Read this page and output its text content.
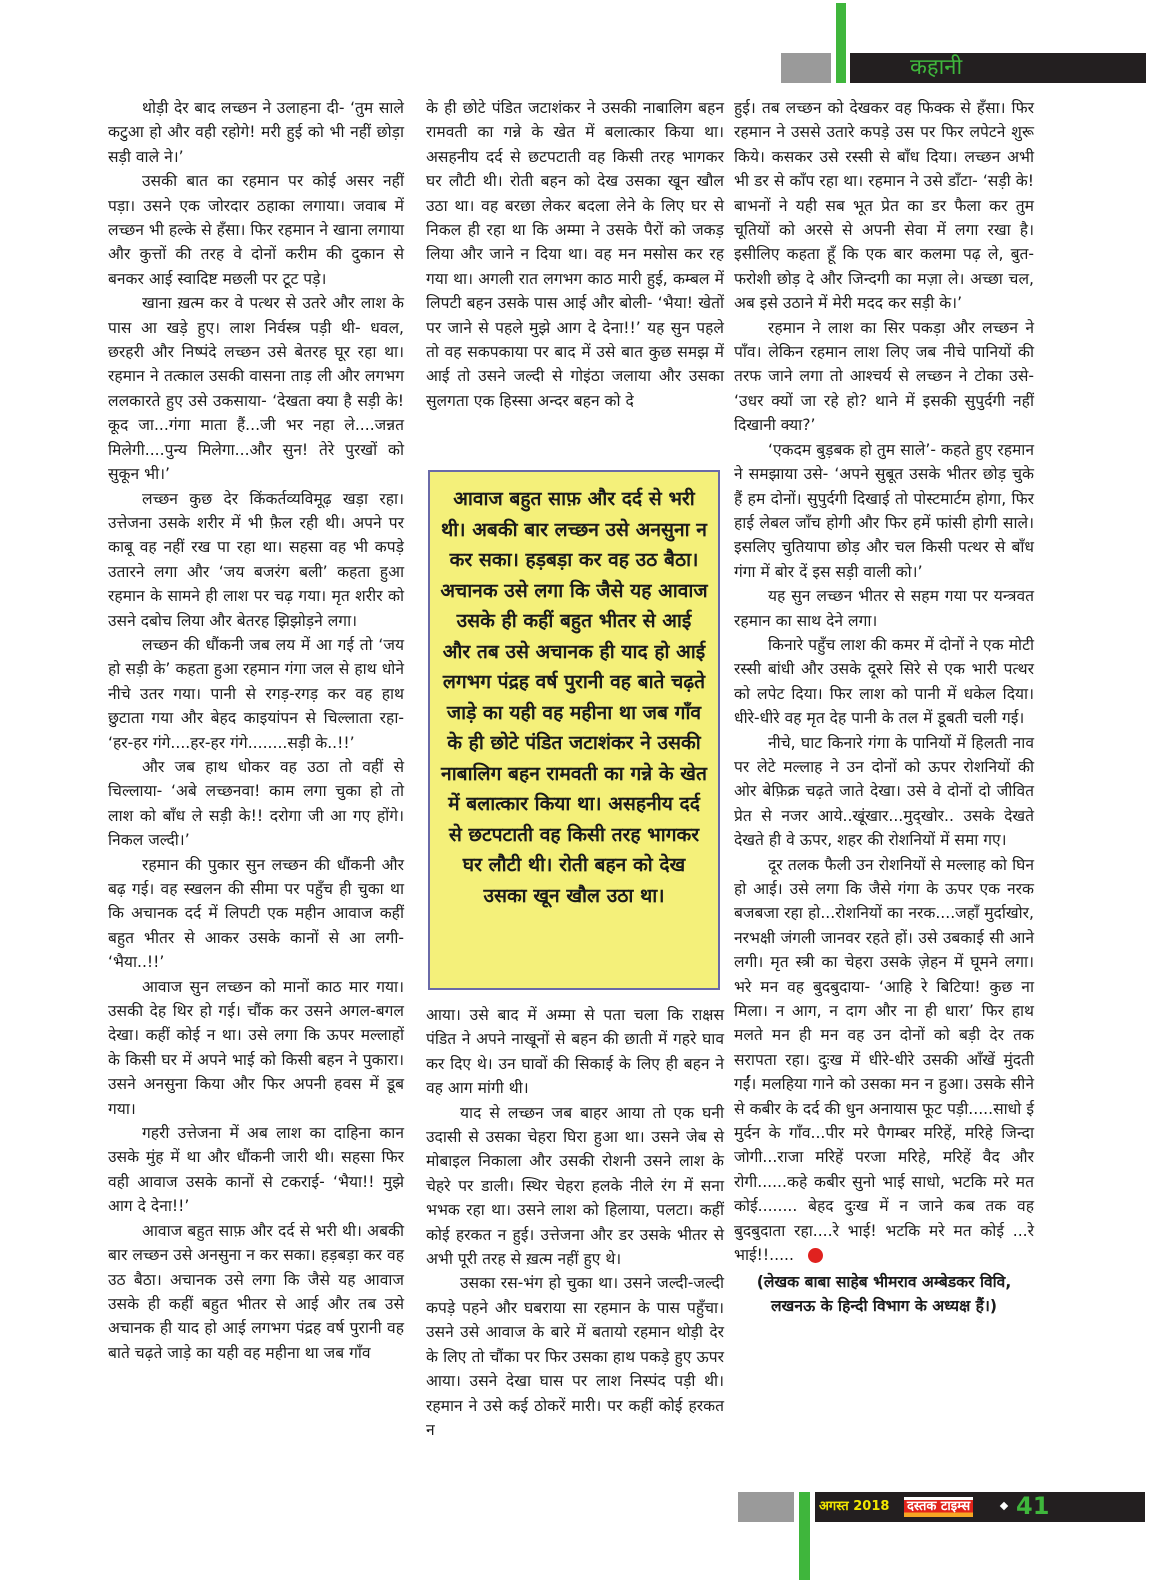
कहानी

थोड़ी देर बाद लच्छन ने उलाहना दी- ‘तुम साले कटुआ हो और वही रहोगे! मरी हुई को भी नहीं छोड़ा सड़ी वाले ने।’

उसकी बात का रहमान पर कोई असर नहीं पड़ा। उसने एक जोरदार ठहाका लगाया। जवाब में लच्छन भी हल्के से हँसा। फिर रहमान ने खाना लगाया और कुत्तों की तरह वे दोनों करीम की दुकान से बनकर आई स्वादिष्ट मछली पर टूट पड़े।

खाना ख़त्म कर वे पत्थर से उतरे और लाश के पास आ खड़े हुए। लाश निर्वस्त्र पड़ी थी- धवल, छरहरी और निष्पंदे लच्छन उसे बेतरह घूर रहा था। रहमान ने तत्काल उसकी वासना ताड़ ली और लगभग ललकारते हुए उसे उकसाया- ‘देखता क्या है सड़ी के! कूद जा...गंगा माता हैं...जी भर नहा ले....जन्नत मिलेगी....पुन्य मिलेगा...और सुन! तेरे पुरखों को सुकून भी।’

लच्छन कुछ देर किंकर्तव्यविमूढ़ खड़ा रहा। उत्तेजना उसके शरीर में भी फ़ैल रही थी। अपने पर काबू वह नहीं रख पा रहा था। सहसा वह भी कपड़े उतारने लगा और ‘जय बजरंग बली’ कहता हुआ रहमान के सामने ही लाश पर चढ़ गया। मृत शरीर को उसने दबोच लिया और बेतरह झिझोड़ने लगा।

लच्छन की धौंकनी जब लय में आ गई तो ‘जय हो सड़ी के’ कहता हुआ रहमान गंगा जल से हाथ धोने नीचे उतर गया। पानी से रगड़-रगड़ कर वह हाथ छुटाता गया और बेहद काइयांपन से चिल्लाता रहा- ‘हर-हर गंगे....हर-हर गंगे........सड़ी के..!!’

और जब हाथ धोकर वह उठा तो वहीं से चिल्लाया- ‘अबे लच्छनवा! काम लगा चुका हो तो लाश को बाँध ले सड़ी के!! दरोगा जी आ गए होंगे। निकल जल्दी।’

रहमान की पुकार सुन लच्छन की धौंकनी और बढ़ गई। वह स्खलन की सीमा पर पहुँच ही चुका था कि अचानक दर्द में लिपटी एक महीन आवाज कहीं बहुत भीतर से आकर उसके कानों से आ लगी- ‘भैया..!!’

आवाज सुन लच्छन को मानों काठ मार गया। उसकी देह थिर हो गई। चौंक कर उसने अगल-बगल देखा। कहीं कोई न था। उसे लगा कि ऊपर मल्लाहों के किसी घर में अपने भाई को किसी बहन ने पुकारा। उसने अनसुना किया और फिर अपनी हवस में डूब गया।

गहरी उत्तेजना में अब लाश का दाहिना कान उसके मुंह में था और धौंकनी जारी थी। सहसा फिर वही आवाज उसके कानों से टकराई- ‘भैया!! मुझे आग दे देना!!’

आवाज बहुत साफ़ और दर्द से भरी थी। अबकी बार लच्छन उसे अनसुना न कर सका। हड़बड़ा कर वह उठ बैठा। अचानक उसे लगा कि जैसे यह आवाज उसके ही कहीं बहुत भीतर से आई और तब उसे अचानक ही याद हो आई लगभग पंद्रह वर्ष पुरानी वह बाते चढ़ते जाड़े का यही वह महीना था जब गाँव

के ही छोटे पंडित जटाशंकर ने उसकी नाबालिग बहन रामवती का गन्ने के खेत में बलात्कार किया था। असहनीय दर्द से छटपटाती वह किसी तरह भागकर घर लौटी थी। रोती बहन को देख उसका खून खौल उठा था। वह बरछा लेकर बदला लेने के लिए घर से निकल ही रहा था कि अम्मा ने उसके पैरों को जकड़ लिया और जाने न दिया था। वह मन मसोस कर रह गया था। अगली रात लगभग काठ मारी हुई, कम्बल में लिपटी बहन उसके पास आई और बोली- ‘भैया! खेतों पर जाने से पहले मुझे आग दे देना!!’ यह सुन पहले तो वह सकपकाया पर बाद में उसे बात कुछ समझ में आई तो उसने जल्दी से गोइंठा जलाया और उसका सुलगता एक हिस्सा अन्दर बहन को दे

आवाज बहुत साफ़ और दर्द से भरी थी। अबकी बार लच्छन उसे अनसुना न कर सका। हड़बड़ा कर वह उठ बैठा। अचानक उसे लगा कि जैसे यह आवाज उसके ही कहीं बहुत भीतर से आई और तब उसे अचानक ही याद हो आई लगभग पंद्रह वर्ष पुरानी वह बाते चढ़ते जाड़े का यही वह महीना था जब गाँव के ही छोटे पंडित जटाशंकर ने उसकी नाबालिग बहन रामवती का गन्ने के खेत में बलात्कार किया था। असहनीय दर्द से छटपटाती वह किसी तरह भागकर घर लौटी थी। रोती बहन को देख उसका खून खौल उठा था।

आया। उसे बाद में अम्मा से पता चला कि राक्षस पंडित ने अपने नाखूनों से बहन की छाती में गहरे घाव कर दिए थे। उन घावों की सिकाई के लिए ही बहन ने वह आग मांगी थी।

याद से लच्छन जब बाहर आया तो एक घनी उदासी से उसका चेहरा घिरा हुआ था। उसने जेब से मोबाइल निकाला और उसकी रोशनी उसने लाश के चेहरे पर डाली। स्थिर चेहरा हलके नीले रंग में सना भभक रहा था। उसने लाश को हिलाया, पलटा। कहीं कोई हरकत न हुई। उत्तेजना और डर उसके भीतर से अभी पूरी तरह से ख़त्म नहीं हुए थे।

उसका रस-भंग हो चुका था। उसने जल्दी-जल्दी कपड़े पहने और घबराया सा रहमान के पास पहुँचा। उसने उसे आवाज के बारे में बतायो रहमान थोड़ी देर के लिए तो चौंका पर फिर उसका हाथ पकड़े हुए ऊपर आया। उसने देखा घास पर लाश निस्पंद पड़ी थी। रहमान ने उसे कई ठोकरें मारी। पर कहीं कोई हरकत न

हुई। तब लच्छन को देखकर वह फिक्क से हँसा। फिर रहमान ने उससे उतारे कपड़े उस पर फिर लपेटने शुरू किये। कसकर उसे रस्सी से बाँध दिया। लच्छन अभी भी डर से काँप रहा था। रहमान ने उसे डाँटा- ‘सड़ी के! बाभनों ने यही सब भूत प्रेत का डर फैला कर तुम चूतियों को अरसे से अपनी सेवा में लगा रखा है। इसीलिए कहता हूँ कि एक बार कलमा पढ़ ले, बुत-फरोशी छोड़ दे और जिन्दगी का मज़ा ले। अच्छा चल, अब इसे उठाने में मेरी मदद कर सड़ी के।’

रहमान ने लाश का सिर पकड़ा और लच्छन ने पाँव। लेकिन रहमान लाश लिए जब नीचे पानियों की तरफ जाने लगा तो आश्चर्य से लच्छन ने टोका उसे- ‘उधर क्यों जा रहे हो? थाने में इसकी सुपुर्दगी नहीं दिखानी क्या?’

‘एकदम बुड़बक हो तुम साले’- कहते हुए रहमान ने समझाया उसे- ‘अपने सुबूत उसके भीतर छोड़ चुके हैं हम दोनों। सुपुर्दगी दिखाई तो पोस्टमार्टम होगा, फिर हाई लेबल जाँच होगी और फिर हमें फांसी होगी साले। इसलिए चुतियापा छोड़ और चल किसी पत्थर से बाँध गंगा में बोर दें इस सड़ी वाली को।’

यह सुन लच्छन भीतर से सहम गया पर यन्त्रवत रहमान का साथ देने लगा।

किनारे पहुँच लाश की कमर में दोनों ने एक मोटी रस्सी बांधी और उसके दूसरे सिरे से एक भारी पत्थर को लपेट दिया। फिर लाश को पानी में धकेल दिया। धीरे-धीरे वह मृत देह पानी के तल में डूबती चली गई।

नीचे, घाट किनारे गंगा के पानियों में हिलती नाव पर लेटे मल्लाह ने उन दोनों को ऊपर रोशनियों की ओर बेफ़िक्र चढ़ते जाते देखा। उसे वे दोनों दो जीवित प्रेत से नजर आये..खूंखार...मुद्खोर.. उसके देखते देखते ही वे ऊपर, शहर की रोशनियों में समा गए।

दूर तलक फैली उन रोशनियों से मल्लाह को घिन हो आई। उसे लगा कि जैसे गंगा के ऊपर एक नरक बजबजा रहा हो...रोशनियों का नरक....जहाँ मुर्दाखोर, नरभक्षी जंगली जानवर रहते हों। उसे उबकाई सी आने लगी। मृत स्त्री का चेहरा उसके ज़ेहन में घूमने लगा। भरे मन वह बुदबुदाया- ‘आहि रे बिटिया! कुछ ना मिला। न आग, न दाग और ना ही धारा’ फिर हाथ मलते मन ही मन वह उन दोनों को बड़ी देर तक सरापता रहा। दुःख में धीरे-धीरे उसकी आँखें मुंदती गईं। मलहिया गाने को उसका मन न हुआ। उसके सीने से कबीर के दर्द की धुन अनायास फूट पड़ी.....साधो ई मुर्दन के गाँव...पीर मरे पैगम्बर मरिहें, मरिहे जिन्दा जोगी...राजा मरिहें परजा मरिहे, मरिहें वैद और रोगी......कहे कबीर सुनो भाई साधो, भटकि मरे मत कोई........ बेहद दुःख में न जाने कब तक वह बुदबुदाता रहा....रे भाई! भटकि मरे मत कोई ...रे भाई!!.....

(लेखक बाबा साहेब भीमराव अम्बेडकर विवि, लखनऊ के हिन्दी विभाग के अध्यक्ष हैं।)

अगस्त 2018 दस्तक टाइम्स 41
